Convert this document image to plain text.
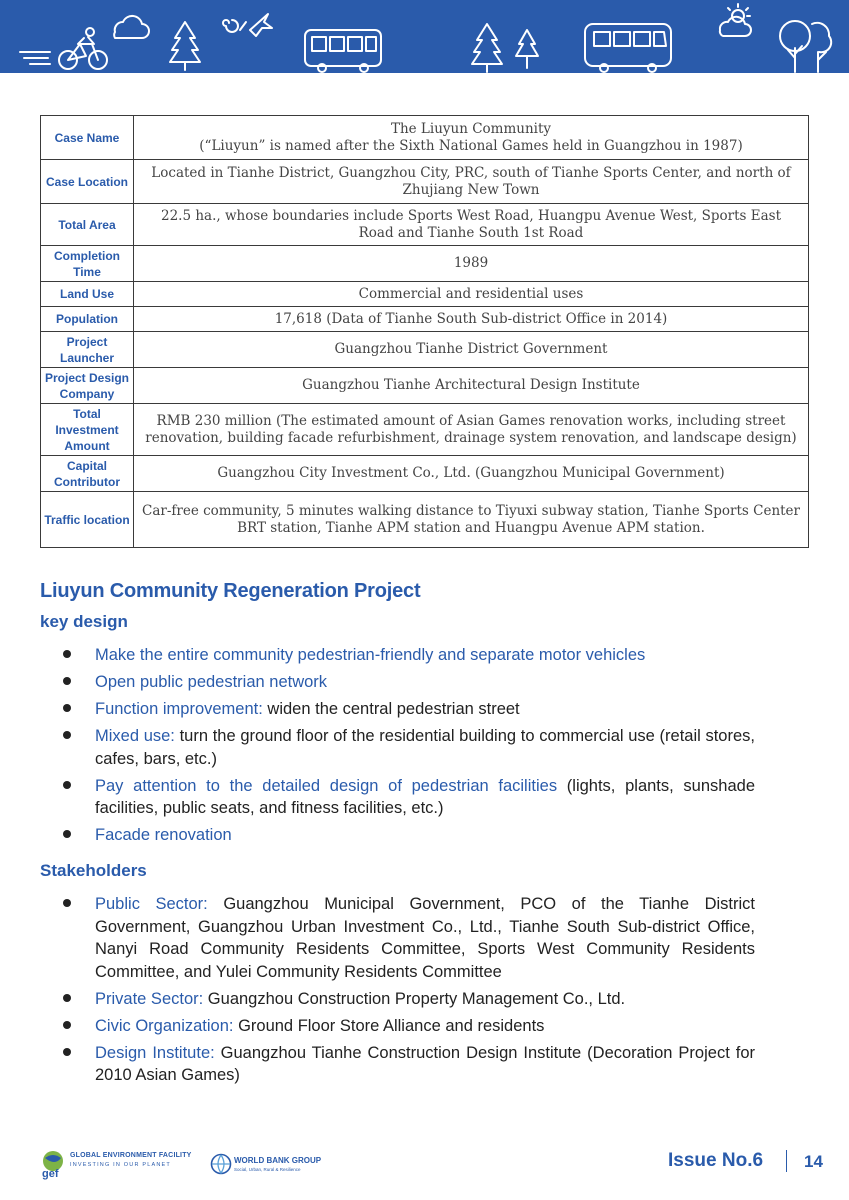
Case Name	The Liuyun Community
(“Liuyun” is named after the Sixth National Games held in Guangzhou in 1987)

Case Location	Located in Tianhe District, Guangzhou City, PRC, south of Tianhe Sports Center, and north of Zhujiang New Town
Total Area	22.5 ha., whose boundaries include Sports West Road, Huangpu Avenue West, Sports East Road and Tianhe South 1st Road
Completion Time	1989
Land Use	Commercial and residential uses
Population	17,618 (Data of Tianhe South Sub-district Office in 2014)
Project Launcher	Guangzhou Tianhe District Government
Project Design Company	Guangzhou Tianhe Architectural Design Institute
Total Investment Amount	RMB 230 million (The estimated amount of Asian Games renovation works, including street renovation, building facade refurbishment, drainage system renovation, and landscape design)
Capital Contributor	Guangzhou City Investment Co., Ltd. (Guangzhou Municipal Government)
Traffic location	Car-free community, 5 minutes walking distance to Tiyuxi subway station, Tianhe Sports Center BRT station, Tianhe APM station and Huangpu Avenue APM station.
Liuyun Community Regeneration Project
key design
Make the entire community pedestrian-friendly and separate motor vehicles
Open public pedestrian network
Function improvement: widen the central pedestrian street
Mixed use: turn the ground floor of the residential building to commercial use (retail stores, cafes, bars, etc.)
Pay attention to the detailed design of pedestrian facilities (lights, plants, sunshade facilities, public seats, and fitness facilities, etc.)
Facade renovation
Stakeholders
Public Sector: Guangzhou Municipal Government, PCO of the Tianhe District Government, Guangzhou Urban Investment Co., Ltd., Tianhe South Sub-district Office, Nanyi Road Community Residents Committee, Sports West Community Residents Committee, and Yulei Community Residents Committee
Private Sector: Guangzhou Construction Property Management Co., Ltd.
Civic Organization: Ground Floor Store Alliance and residents
Design Institute: Guangzhou Tianhe Construction Design Institute (Decoration Project for 2010 Asian Games)
gef
GLOBAL ENVIRONMENT FACILITY
INVESTING IN OUR PLANET	WORLD BANK GROUP
Social, Urban, Rural & Resilience	Issue No.6 14
